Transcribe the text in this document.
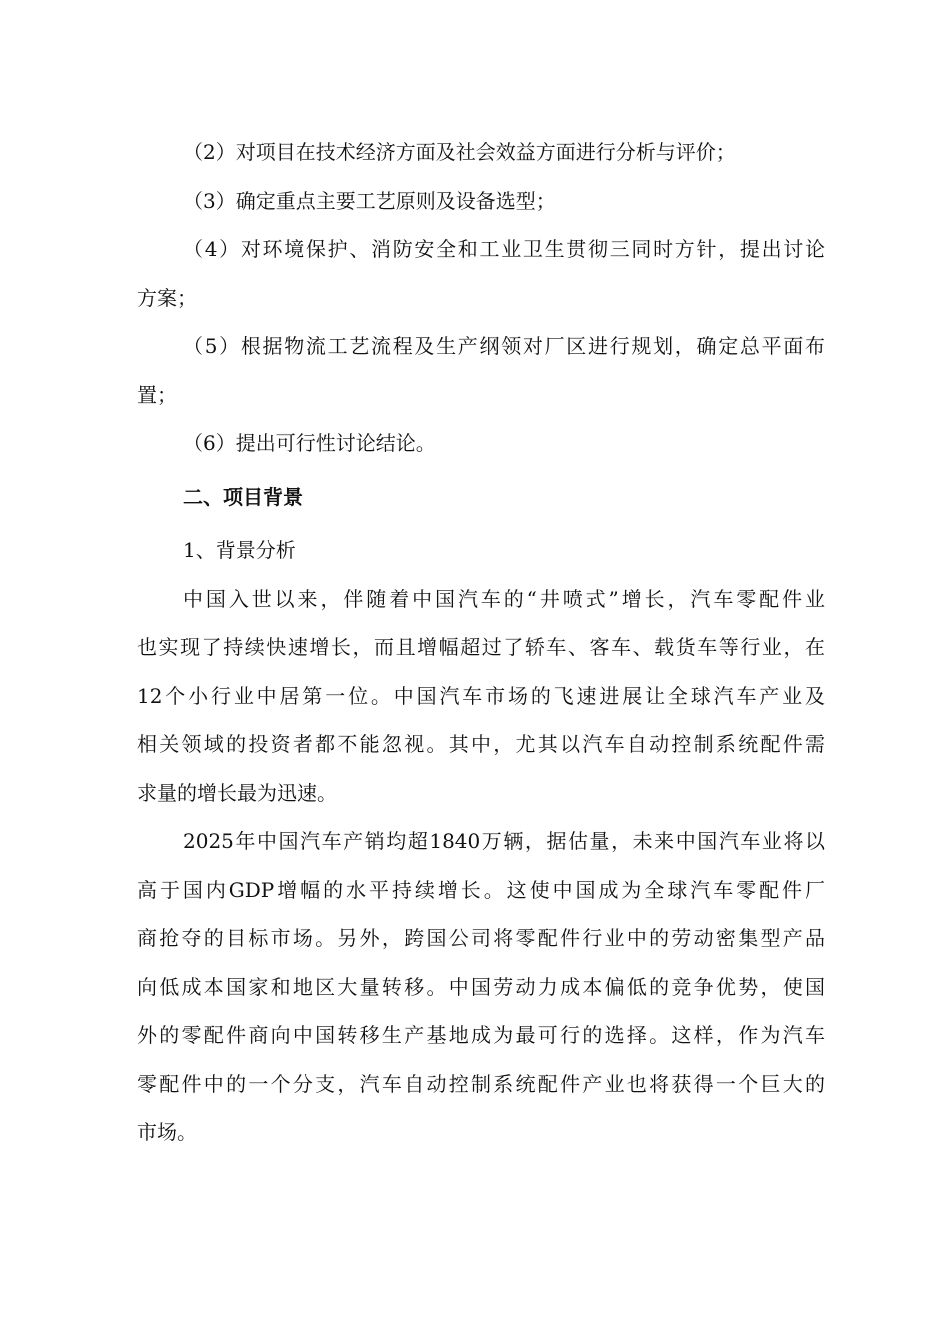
（2）对项目在技术经济方面及社会效益方面进行分析与评价；

（3）确定重点主要工艺原则及设备选型；

（4）对环境保护、消防安全和工业卫生贯彻三同时方针，提出讨论

方案；

（5）根据物流工艺流程及生产纲领对厂区进行规划，确定总平面布

置；

（6）提出可行性讨论结论。

二、项目背景

1、背景分析

中国入世以来，伴随着中国汽车的“井喷式”增长，汽车零配件业

也实现了持续快速增长，而且增幅超过了轿车、客车、载货车等行业，在

12个小行业中居第一位。中国汽车市场的飞速进展让全球汽车产业及

相关领域的投资者都不能忽视。其中，尤其以汽车自动控制系统配件需

求量的增长最为迅速。

2025年中国汽车产销均超1840万辆，据估量，未来中国汽车业将以

高于国内GDP增幅的水平持续增长。这使中国成为全球汽车零配件厂

商抢夺的目标市场。另外，跨国公司将零配件行业中的劳动密集型产品

向低成本国家和地区大量转移。中国劳动力成本偏低的竞争优势，使国

外的零配件商向中国转移生产基地成为最可行的选择。这样，作为汽车

零配件中的一个分支，汽车自动控制系统配件产业也将获得一个巨大的

市场。
